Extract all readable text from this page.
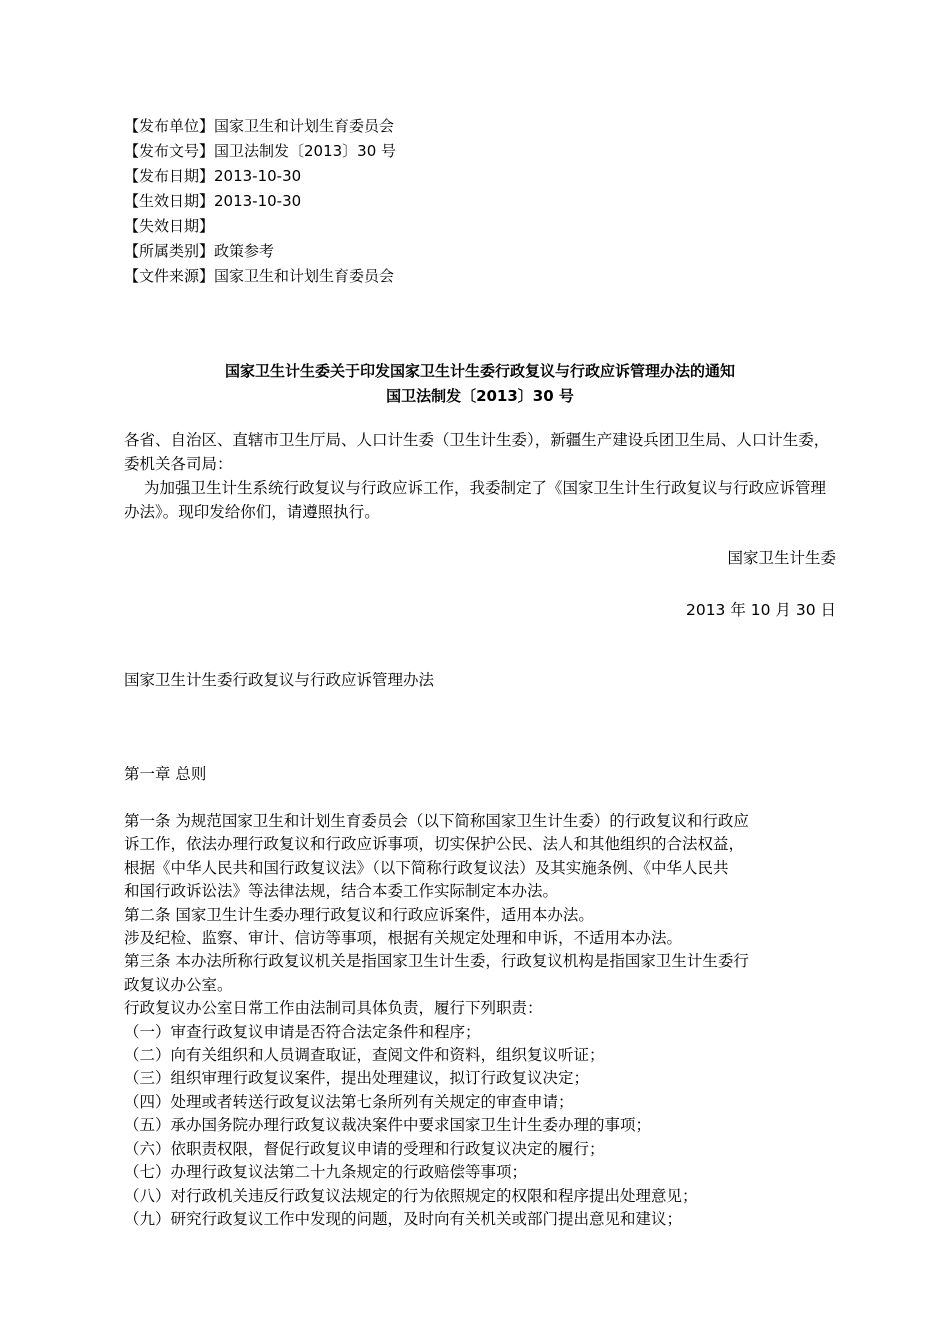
【发布单位】国家卫生和计划生育委员会
【发布文号】国卫法制发〔2013〕30 号
【发布日期】2013-10-30
【生效日期】2013-10-30
【失效日期】
【所属类别】政策参考
【文件来源】国家卫生和计划生育委员会
国家卫生计生委关于印发国家卫生计生委行政复议与行政应诉管理办法的通知
国卫法制发〔2013〕30 号
各省、自治区、直辖市卫生厅局、人口计生委（卫生计生委），新疆生产建设兵团卫生局、人口计生委，委机关各司局：
为加强卫生计生系统行政复议与行政应诉工作，我委制定了《国家卫生计生行政复议与行政应诉管理办法》。现印发给你们，请遵照执行。
国家卫生计生委
2013 年 10 月 30 日
国家卫生计生委行政复议与行政应诉管理办法
第一章 总则
第一条 为规范国家卫生和计划生育委员会（以下简称国家卫生计生委）的行政复议和行政应
诉工作，依法办理行政复议和行政应诉事项，切实保护公民、法人和其他组织的合法权益，
根据《中华人民共和国行政复议法》（以下简称行政复议法）及其实施条例、《中华人民共
和国行政诉讼法》等法律法规，结合本委工作实际制定本办法。
第二条 国家卫生计生委办理行政复议和行政应诉案件，适用本办法。
涉及纪检、监察、审计、信访等事项，根据有关规定处理和申诉，不适用本办法。
第三条 本办法所称行政复议机关是指国家卫生计生委，行政复议机构是指国家卫生计生委行
政复议办公室。
行政复议办公室日常工作由法制司具体负责，履行下列职责：
（一）审查行政复议申请是否符合法定条件和程序；
（二）向有关组织和人员调查取证，查阅文件和资料，组织复议听证；
（三）组织审理行政复议案件，提出处理建议，拟订行政复议决定；
（四）处理或者转送行政复议法第七条所列有关规定的审查申请；
（五）承办国务院办理行政复议裁决案件中要求国家卫生计生委办理的事项；
（六）依职责权限，督促行政复议申请的受理和行政复议决定的履行；
（七）办理行政复议法第二十九条规定的行政赔偿等事项；
（八）对行政机关违反行政复议法规定的行为依照规定的权限和程序提出处理意见；
（九）研究行政复议工作中发现的问题，及时向有关机关或部门提出意见和建议；
